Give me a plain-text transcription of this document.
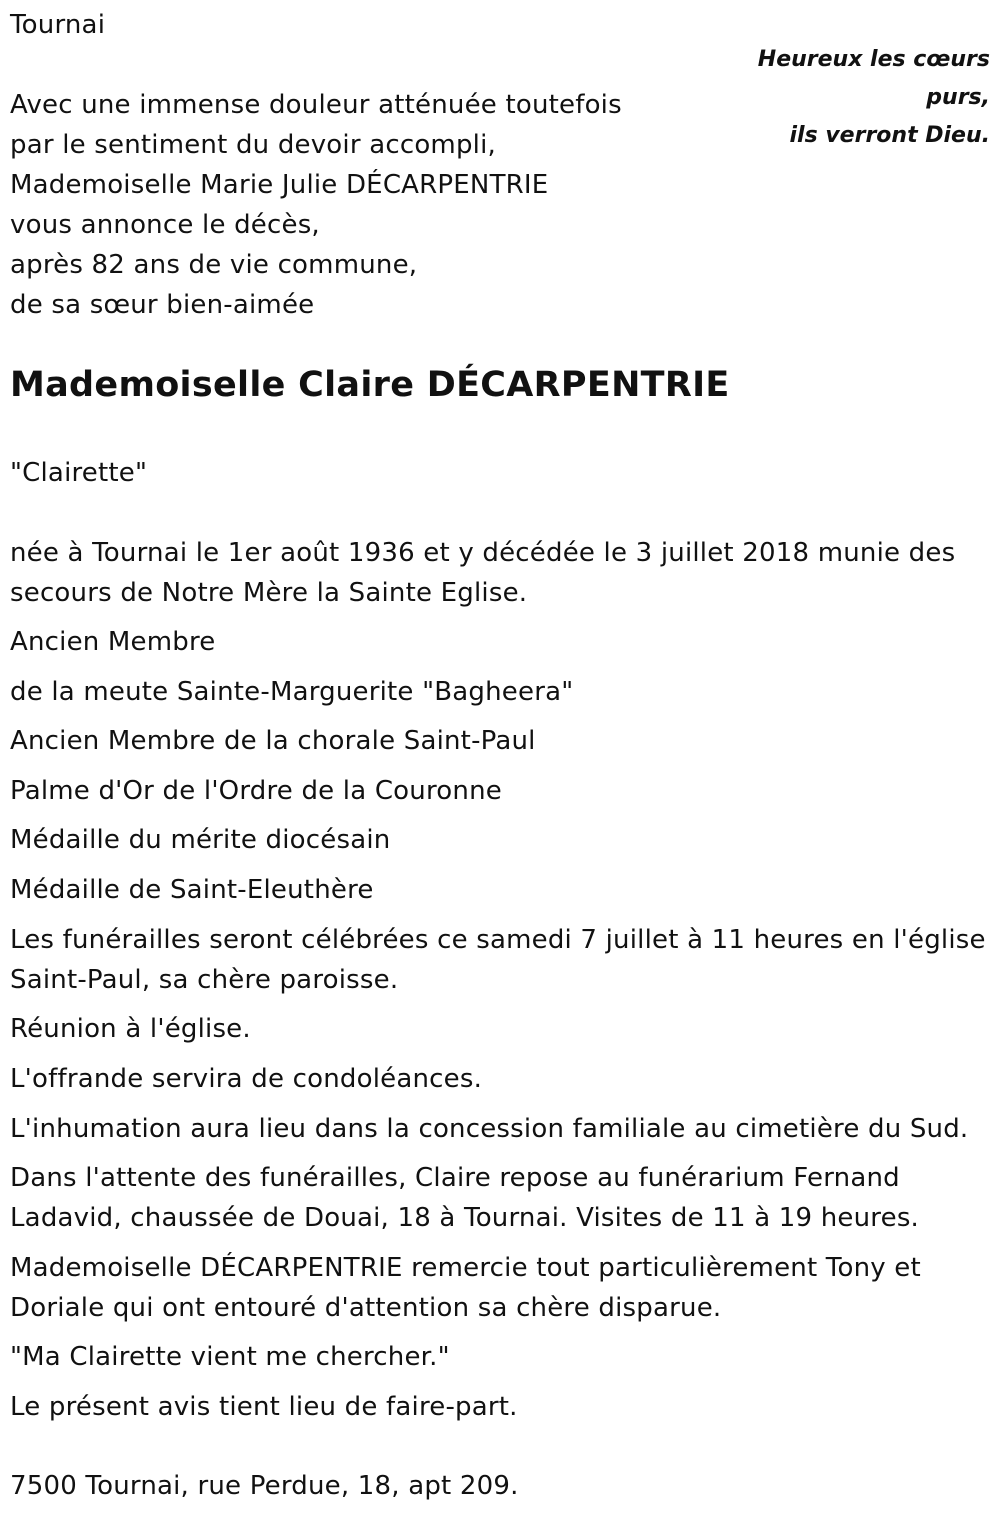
Tournai
Heureux les cœurs
purs,
ils verront Dieu.
Avec une immense douleur atténuée toutefois
par le sentiment du devoir accompli,
Mademoiselle Marie Julie DÉCARPENTRIE
vous annonce le décès,
après 82 ans de vie commune,
de sa sœur bien-aimée
Mademoiselle Claire DÉCARPENTRIE
"Clairette"
née à Tournai le 1er août 1936 et y décédée le 3 juillet 2018 munie des
secours de Notre Mère la Sainte Eglise.
Ancien Membre
de la meute Sainte-Marguerite "Bagheera"
Ancien Membre de la chorale Saint-Paul
Palme d'Or de l'Ordre de la Couronne
Médaille du mérite diocésain
Médaille de Saint-Eleuthère
Les funérailles seront célébrées ce samedi 7 juillet à 11 heures en l'église
Saint-Paul, sa chère paroisse.
Réunion à l'église.
L'offrande servira de condoléances.
L'inhumation aura lieu dans la concession familiale au cimetière du Sud.
Dans l'attente des funérailles, Claire repose au funérarium Fernand
Ladavid, chaussée de Douai, 18 à Tournai. Visites de 11 à 19 heures.
Mademoiselle DÉCARPENTRIE remercie tout particulièrement Tony et
Doriale qui ont entouré d'attention sa chère disparue.
"Ma Clairette vient me chercher."
Le présent avis tient lieu de faire-part.
7500 Tournai, rue Perdue, 18, apt 209.
